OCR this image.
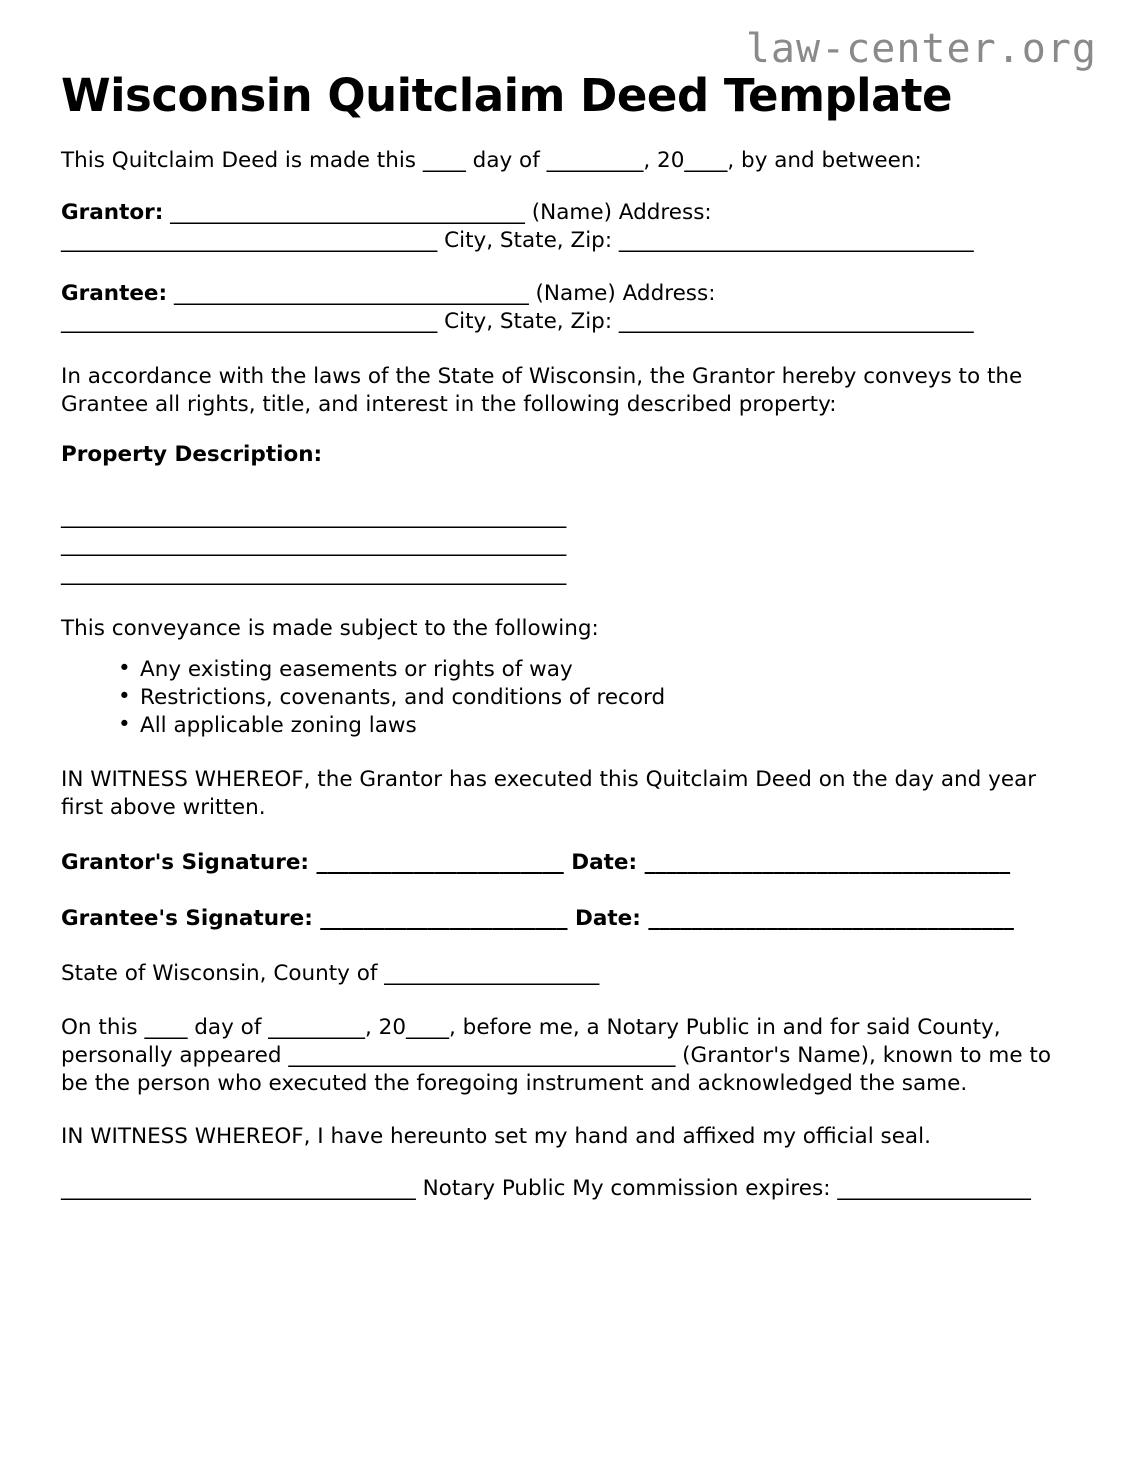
law-center.org
Wisconsin Quitclaim Deed Template

This Quitclaim Deed is made this ____ day of _________, 20____, by and between:

Grantor: _________________________________ (Name) Address: ___________________________________ City, State, Zip: _________________________________
Grantee: _________________________________ (Name) Address: ___________________________________ City, State, Zip: _________________________________

In accordance with the laws of the State of Wisconsin, the Grantor hereby conveys to the Grantee all rights, title, and interest in the following described property:

Property Description:

_______________________________________________
_______________________________________________
_______________________________________________

This conveyance is made subject to the following:

• Any existing easements or rights of way
• Restrictions, covenants, and conditions of record
• All applicable zoning laws

IN WITNESS WHEREOF, the Grantor has executed this Quitclaim Deed on the day and year first above written.

Grantor's Signature: _______________________ Date: __________________________________
Grantee's Signature: _______________________ Date: __________________________________

State of Wisconsin, County of ____________________

On this ____ day of _________, 20____, before me, a Notary Public in and for said County, personally appeared ____________________________________ (Grantor's Name), known to me to be the person who executed the foregoing instrument and acknowledged the same.

IN WITNESS WHEREOF, I have hereunto set my hand and affixed my official seal.

_________________________________ Notary Public My commission expires: __________________
